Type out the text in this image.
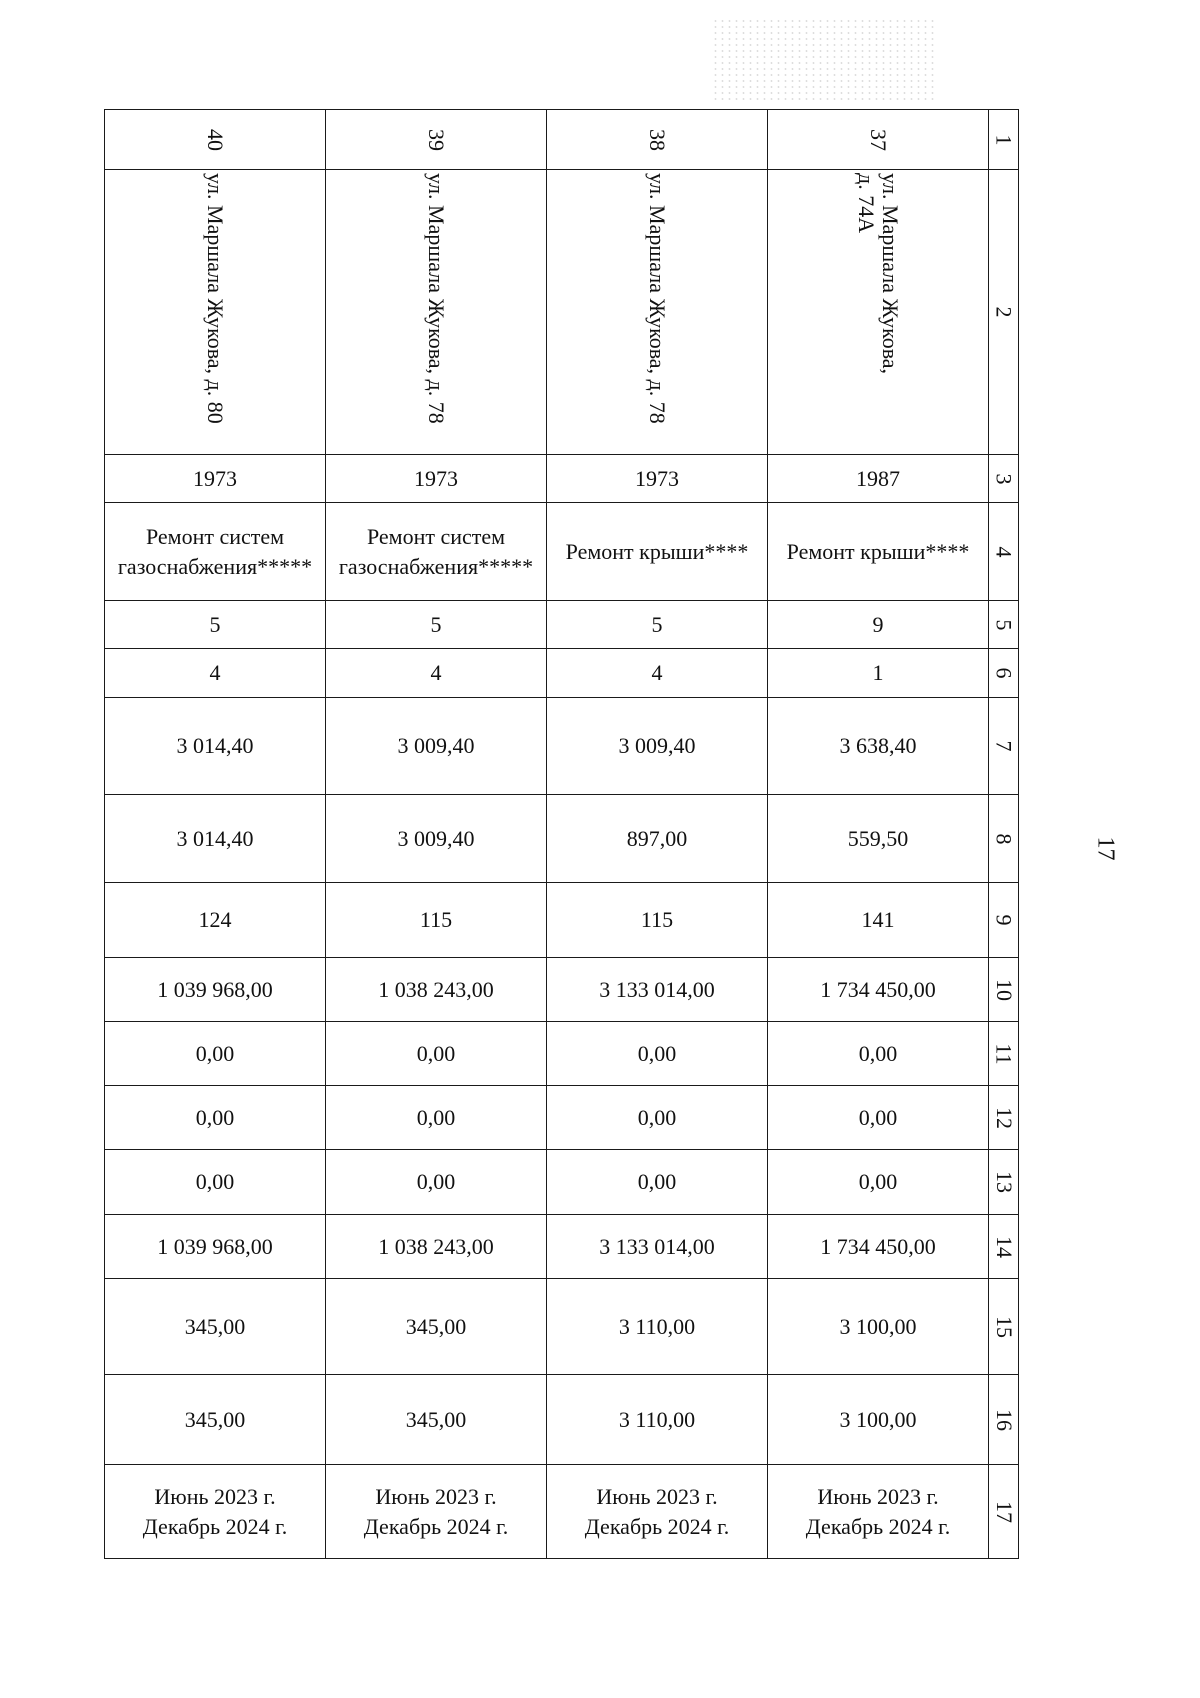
17
40	39	38	37	1
ул. Маршала Жукова, д. 80	ул. Маршала Жукова, д. 78	ул. Маршала Жукова, д. 78	ул. Маршала Жукова,
д. 74А	2
1973	1973	1973	1987	3
Ремонт систем
газоснабжения*****	Ремонт систем
газоснабжения*****	Ремонт крыши****	Ремонт крыши****	4
5	5	5	9	5
4	4	4	1	6
3 014,40	3 009,40	3 009,40	3 638,40	7
3 014,40	3 009,40	897,00	559,50	8
124	115	115	141	9
1 039 968,00	1 038 243,00	3 133 014,00	1 734 450,00	10
0,00	0,00	0,00	0,00	11
0,00	0,00	0,00	0,00	12
0,00	0,00	0,00	0,00	13
1 039 968,00	1 038 243,00	3 133 014,00	1 734 450,00	14
345,00	345,00	3 110,00	3 100,00	15
345,00	345,00	3 110,00	3 100,00	16
Июнь 2023 г.
Декабрь 2024 г.	Июнь 2023 г.
Декабрь 2024 г.	Июнь 2023 г.
Декабрь 2024 г.	Июнь 2023 г.
Декабрь 2024 г.	17
